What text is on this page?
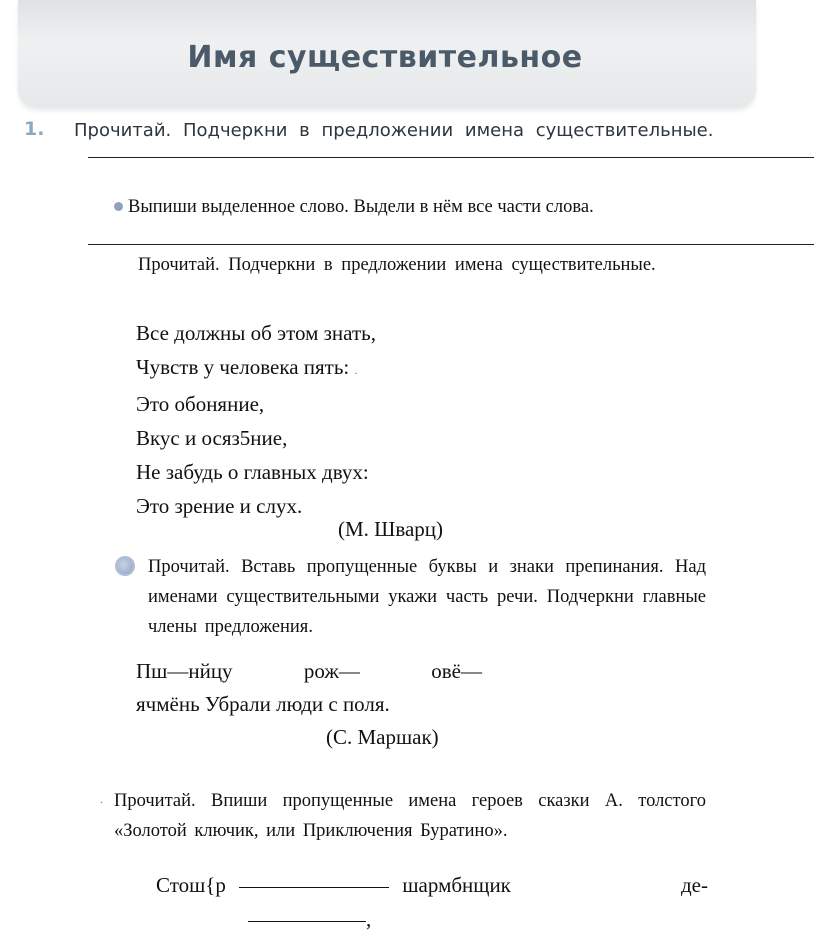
Имя существительное
1. Прочитай. Подчеркни в предложении имена существительные.
Выпиши выделенное слово. Выдели в нём все части слова.
Прочитай. Подчеркни в предложении имена существительные.
Все должны об этом знать,
Чувств у человека пять: .
Это обоняние,
Вкус и осяз5ние,
Не забудь о главных двух:
Это зрение и слух.
(М. Шварц)
Прочитай. Вставь пропущенные буквы и знаки препинания. Над именами существительными укажи часть речи. Подчеркни главные члены предложения.
Пш—нйцу	рож—	овё—
ячмёнь Убрали люди с поля.
(С. Маршак)
. Прочитай. Впиши пропущенные имена героев сказки А. толстого «Золотой ключик, или Приключения Буратино».
Стош{р	шармбнщик	де-
,
